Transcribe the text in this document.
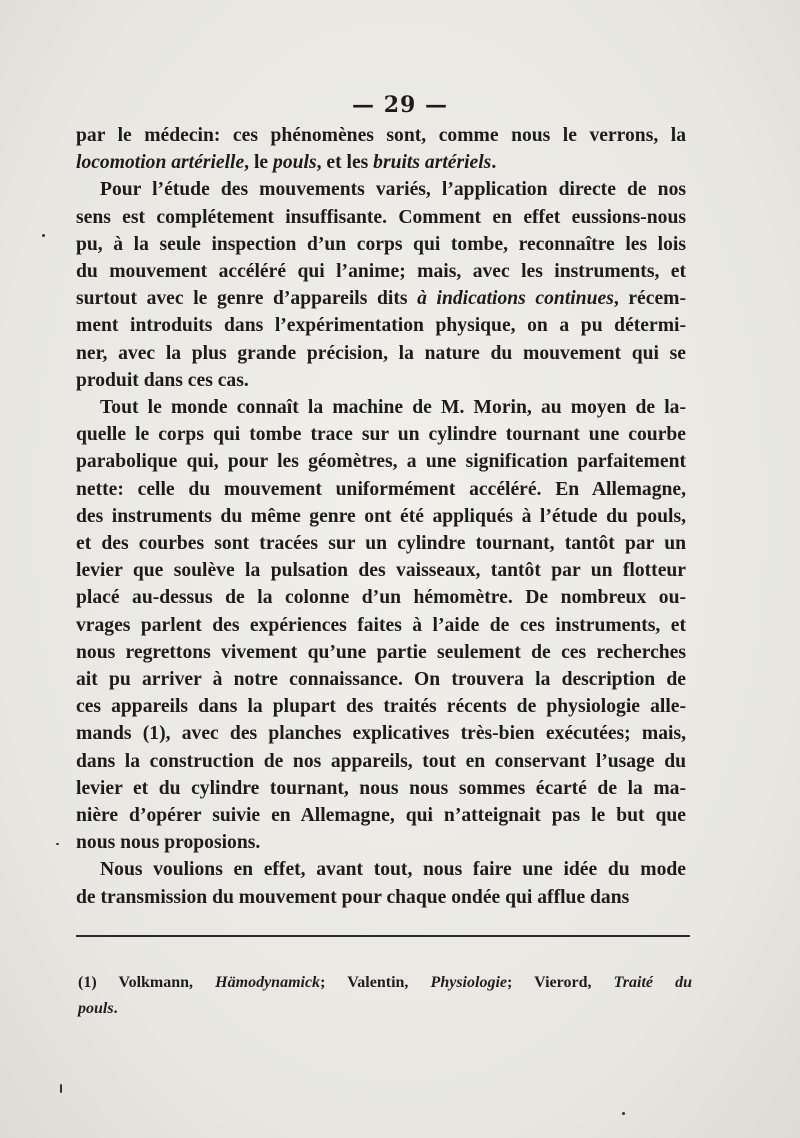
— 29 —

par le médecin: ces phénomènes sont, comme nous le verrons, la
locomotion artérielle, le pouls, et les bruits artériels.

Pour l’étude des mouvements variés, l’application directe de nos
sens est complétement insuffisante. Comment en effet eussions-nous
pu, à la seule inspection d’un corps qui tombe, reconnaître les lois
du mouvement accéléré qui l’anime; mais, avec les instruments, et
surtout avec le genre d’appareils dits à indications continues, récem-
ment introduits dans l’expérimentation physique, on a pu détermi-
ner, avec la plus grande précision, la nature du mouvement qui se
produit dans ces cas.

Tout le monde connaît la machine de M. Morin, au moyen de la-
quelle le corps qui tombe trace sur un cylindre tournant une courbe
parabolique qui, pour les géomètres, a une signification parfaitement
nette: celle du mouvement uniformément accéléré. En Allemagne,
des instruments du même genre ont été appliqués à l’étude du pouls,
et des courbes sont tracées sur un cylindre tournant, tantôt par un
levier que soulève la pulsation des vaisseaux, tantôt par un flotteur
placé au-dessus de la colonne d’un hémomètre. De nombreux ou-
vrages parlent des expériences faites à l’aide de ces instruments, et
nous regrettons vivement qu’une partie seulement de ces recherches
ait pu arriver à notre connaissance. On trouvera la description de
ces appareils dans la plupart des traités récents de physiologie alle-
mands (1), avec des planches explicatives très-bien exécutées; mais,
dans la construction de nos appareils, tout en conservant l’usage du
levier et du cylindre tournant, nous nous sommes écarté de la ma-
nière d’opérer suivie en Allemagne, qui n’atteignait pas le but que
nous nous proposions.

Nous voulions en effet, avant tout, nous faire une idée du mode
de transmission du mouvement pour chaque ondée qui afflue dans

(1) Volkmann, Hämodynamick; Valentin, Physiologie; Vierord, Traité du
pouls.
